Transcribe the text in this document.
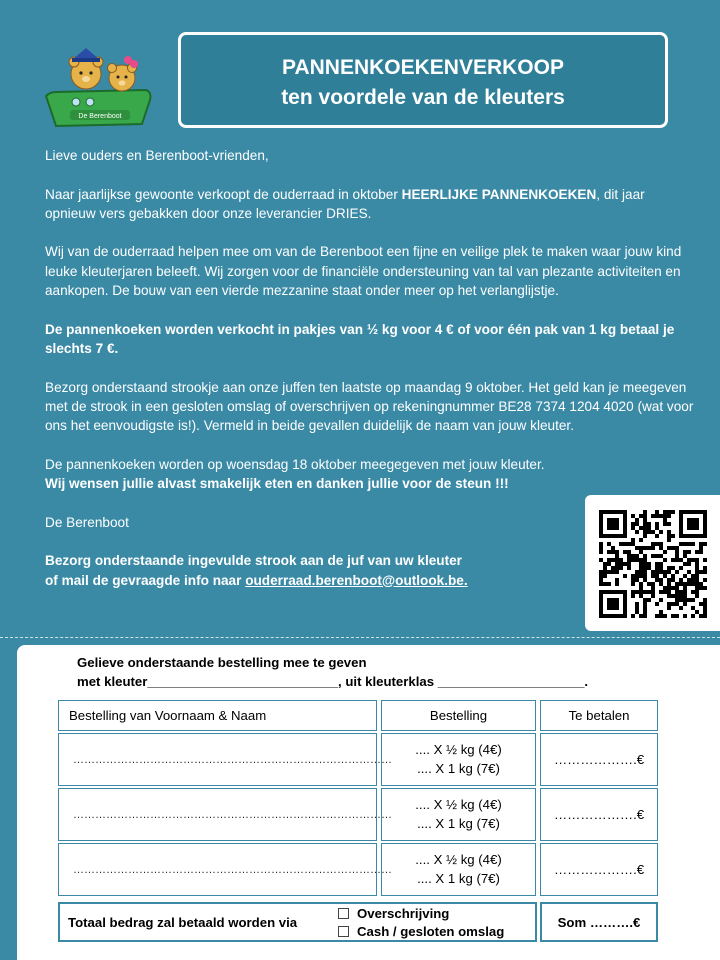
De Berenboot
PANNENKOEKENVERKOOP
ten voordele van de kleuters

Lieve ouders en Berenboot-vrienden,

Naar jaarlijkse gewoonte verkoopt de ouderraad in oktober HEERLIJKE PANNENKOEKEN, dit jaar opnieuw vers gebakken door onze leverancier DRIES.

Wij van de ouderraad helpen mee om van de Berenboot een fijne en veilige plek te maken waar jouw kind leuke kleuterjaren beleeft. Wij zorgen voor de financiële ondersteuning van tal van plezante activiteiten en aankopen. De bouw van een vierde mezzanine staat onder meer op het verlanglijstje.

De pannenkoeken worden verkocht in pakjes van ½ kg voor 4 € of voor één pak van 1 kg betaal je slechts 7 €.

Bezorg onderstaand strookje aan onze juffen ten laatste op maandag 9 oktober. Het geld kan je meegeven met de strook in een gesloten omslag of overschrijven op rekeningnummer BE28 7374 1204 4020 (wat voor ons het eenvoudigste is!). Vermeld in beide gevallen duidelijk de naam van jouw kleuter.

De pannenkoeken worden op woensdag 18 oktober meegegeven met jouw kleuter.
Wij wensen jullie alvast smakelijk eten en danken jullie voor de steun !!!

De Berenboot

Bezorg onderstaande ingevulde strook aan de juf van uw kleuter
of mail de gevraagde info naar ouderraad.berenboot@outlook.be.

Gelieve onderstaande bestelling mee te geven
met kleuter__________________________, uit kleuterklas ____________________.
Bestelling van Voornaam & Naam	Bestelling	Te betalen
……………………………………………………………………………
.... X ½ kg (4€)
.... X 1 kg (7€)
……………….€
……………………………………………………………………………
.... X ½ kg (4€)
.... X 1 kg (7€)
……………….€
……………………………………………………………………………
.... X ½ kg (4€)
.... X 1 kg (7€)
……………….€
Totaal bedrag zal betaald worden via
Overschrijving
Cash / gesloten omslag
Som ……….€
